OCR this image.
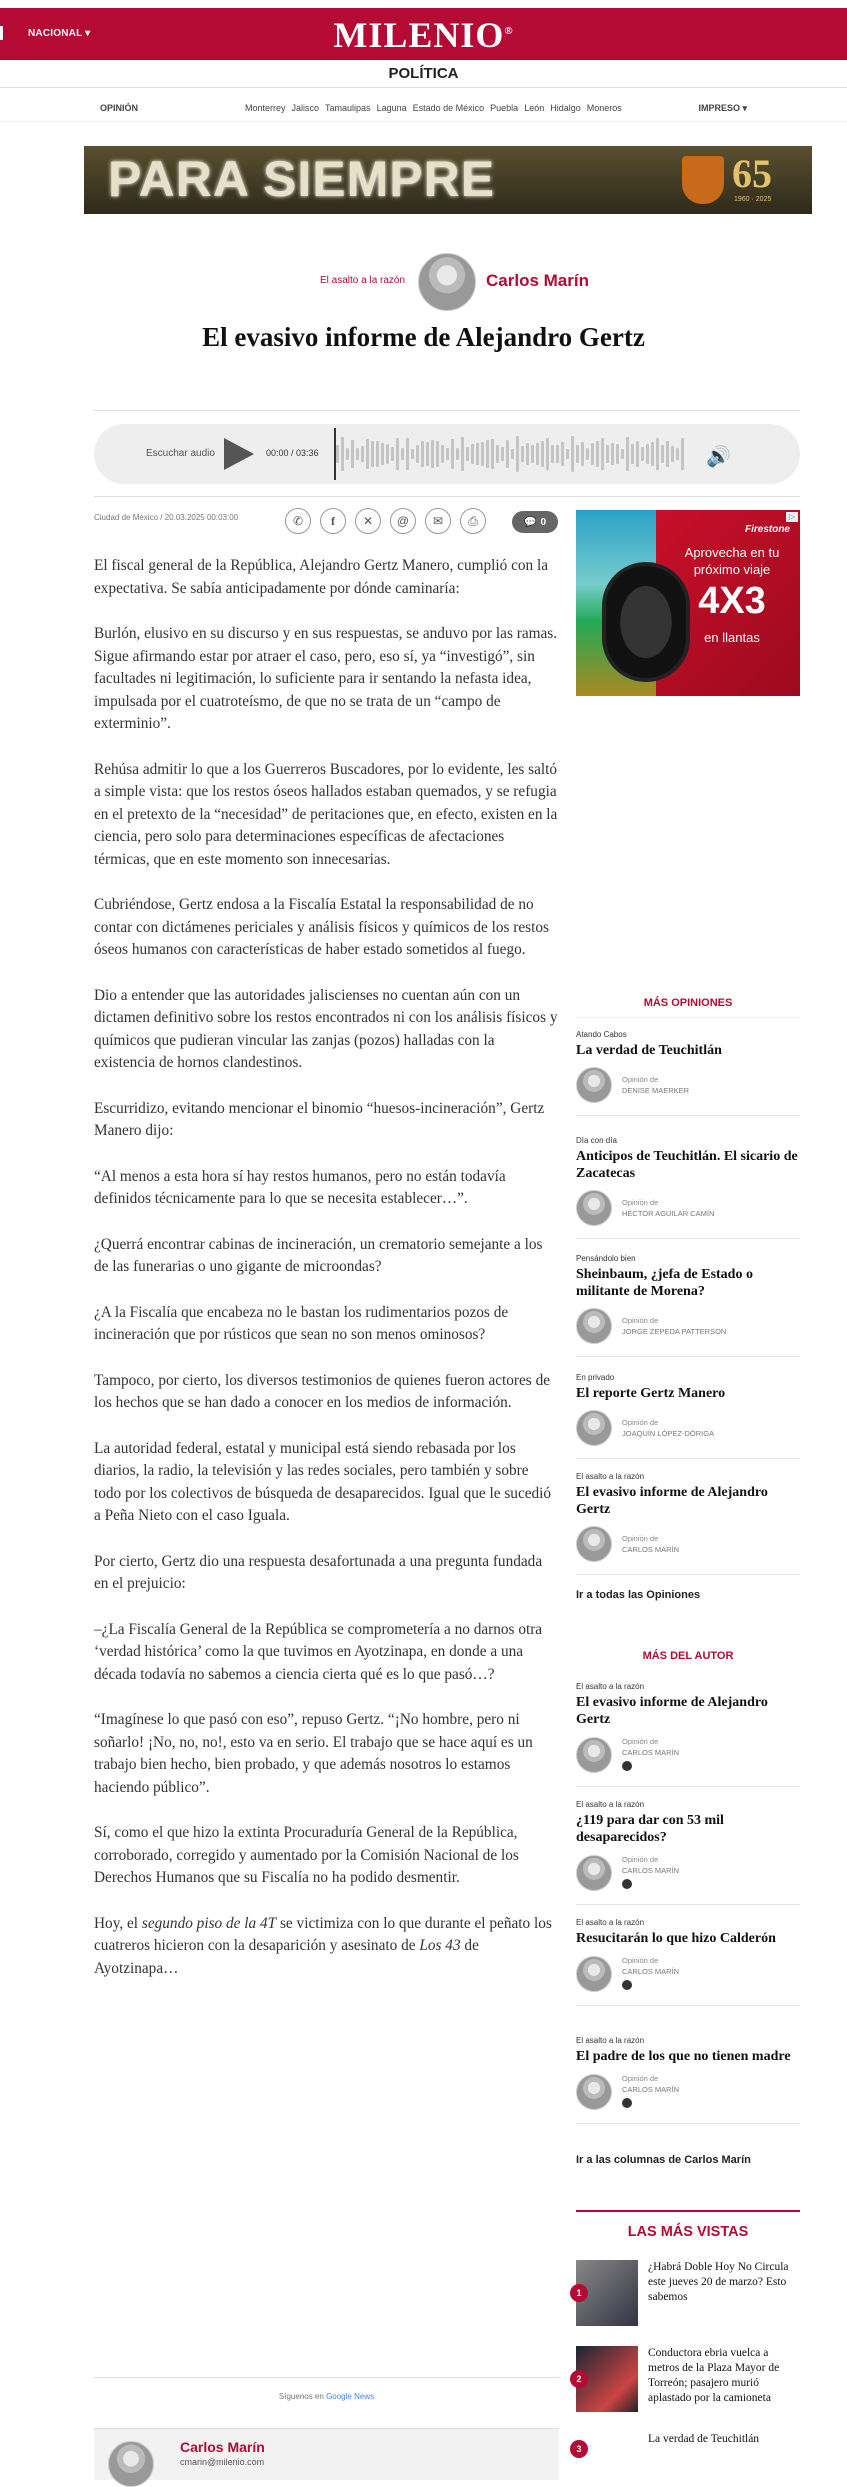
NACIONAL ▾	MILENIO®
POLÍTICA
OPINIÓN	Monterrey Jalisco Tamaulipas Laguna Estado de México Puebla León Hidalgo Moneros	IMPRESO ▾
PARA SIEMPRE	65
1960 · 2025
El asalto a la razón	Carlos Marín
El evasivo informe de Alejandro Gertz
Escuchar audio	00:00 / 03:36	🔊
Ciudad de México / 20.03.2025 00:03:00	✆	f	✕	@	✉	⎙	💬 0

El fiscal general de la República, Alejandro Gertz Manero, cumplió con la expectativa. Se sabía anticipadamente por dónde caminaría:

Burlón, elusivo en su discurso y en sus respuestas, se anduvo por las ramas. Sigue afirmando estar por atraer el caso, pero, eso sí, ya “investigó”, sin facultades ni legitimación, lo suficiente para ir sentando la nefasta idea, impulsada por el cuatroteísmo, de que no se trata de un “campo de exterminio”.

Rehúsa admitir lo que a los Guerreros Buscadores, por lo evidente, les saltó a simple vista: que los restos óseos hallados estaban quemados, y se refugia en el pretexto de la “necesidad” de peritaciones que, en efecto, existen en la ciencia, pero solo para determinaciones específicas de afectaciones térmicas, que en este momento son innecesarias.

Cubriéndose, Gertz endosa a la Fiscalía Estatal la responsabilidad de no contar con dictámenes periciales y análisis físicos y químicos de los restos óseos humanos con características de haber estado sometidos al fuego.

Dio a entender que las autoridades jaliscienses no cuentan aún con un dictamen definitivo sobre los restos encontrados ni con los análisis físicos y químicos que pudieran vincular las zanjas (pozos) halladas con la existencia de hornos clandestinos.

Escurridizo, evitando mencionar el binomio “huesos-incineración”, Gertz Manero dijo:

“Al menos a esta hora sí hay restos humanos, pero no están todavía definidos técnicamente para lo que se necesita establecer…”.

¿Querrá encontrar cabinas de incineración, un crematorio semejante a los de las funerarias o uno gigante de microondas?

¿A la Fiscalía que encabeza no le bastan los rudimentarios pozos de incineración que por rústicos que sean no son menos ominosos?

Tampoco, por cierto, los diversos testimonios de quienes fueron actores de los hechos que se han dado a conocer en los medios de información.

La autoridad federal, estatal y municipal está siendo rebasada por los diarios, la radio, la televisión y las redes sociales, pero también y sobre todo por los colectivos de búsqueda de desaparecidos. Igual que le sucedió a Peña Nieto con el caso Iguala.

Por cierto, Gertz dio una respuesta desafortunada a una pregunta fundada en el prejuicio:

–¿La Fiscalía General de la República se comprometería a no darnos otra ‘verdad histórica’ como la que tuvimos en Ayotzinapa, en donde a una década todavía no sabemos a ciencia cierta qué es lo que pasó…?

“Imagínese lo que pasó con eso”, repuso Gertz. “¡No hombre, pero ni soñarlo! ¡No, no, no!, esto va en serio. El trabajo que se hace aquí es un trabajo bien hecho, bien probado, y que además nosotros lo estamos haciendo público”.

Sí, como el que hizo la extinta Procuraduría General de la República, corroborado, corregido y aumentado por la Comisión Nacional de los Derechos Humanos que su Fiscalía no ha podido desmentir.

Hoy, el segundo piso de la 4T se victimiza con lo que durante el peñato los cuatreros hicieron con la desaparición y asesinato de Los 43 de Ayotzinapa…

Firestone
Aprovecha en tu próximo viaje
4X3
en llantas
▷
MÁS OPINIONES
Atando Cabos
La verdad de Teuchitlán
Opinión de
DENISE MAERKER
Día con día
Anticipos de Teuchitlán. El sicario de Zacatecas
Opinión de
HÉCTOR AGUILAR CAMÍN
Pensándolo bien
Sheinbaum, ¿jefa de Estado o militante de Morena?
Opinión de
JORGE ZEPEDA PATTERSON
En privado
El reporte Gertz Manero
Opinión de
JOAQUÍN LÓPEZ-DÓRIGA
El asalto a la razón
El evasivo informe de Alejandro Gertz
Opinión de
CARLOS MARÍN
Ir a todas las Opiniones
MÁS DEL AUTOR
El asalto a la razón
El evasivo informe de Alejandro Gertz
Opinión de
CARLOS MARÍN

El asalto a la razón
¿119 para dar con 53 mil desaparecidos?
Opinión de
CARLOS MARÍN

El asalto a la razón
Resucitarán lo que hizo Calderón
Opinión de
CARLOS MARÍN

El asalto a la razón
El padre de los que no tienen madre
Opinión de
CARLOS MARÍN

Ir a las columnas de Carlos Marín
LAS MÁS VISTAS
1
¿Habrá Doble Hoy No Circula este jueves 20 de marzo? Esto sabemos
2
Conductora ebria vuelca a metros de la Plaza Mayor de Torreón; pasajero murió aplastado por la camioneta
3
La verdad de Teuchitlán
Síguenos en Google News
Carlos Marín
cmarin@milenio.com
